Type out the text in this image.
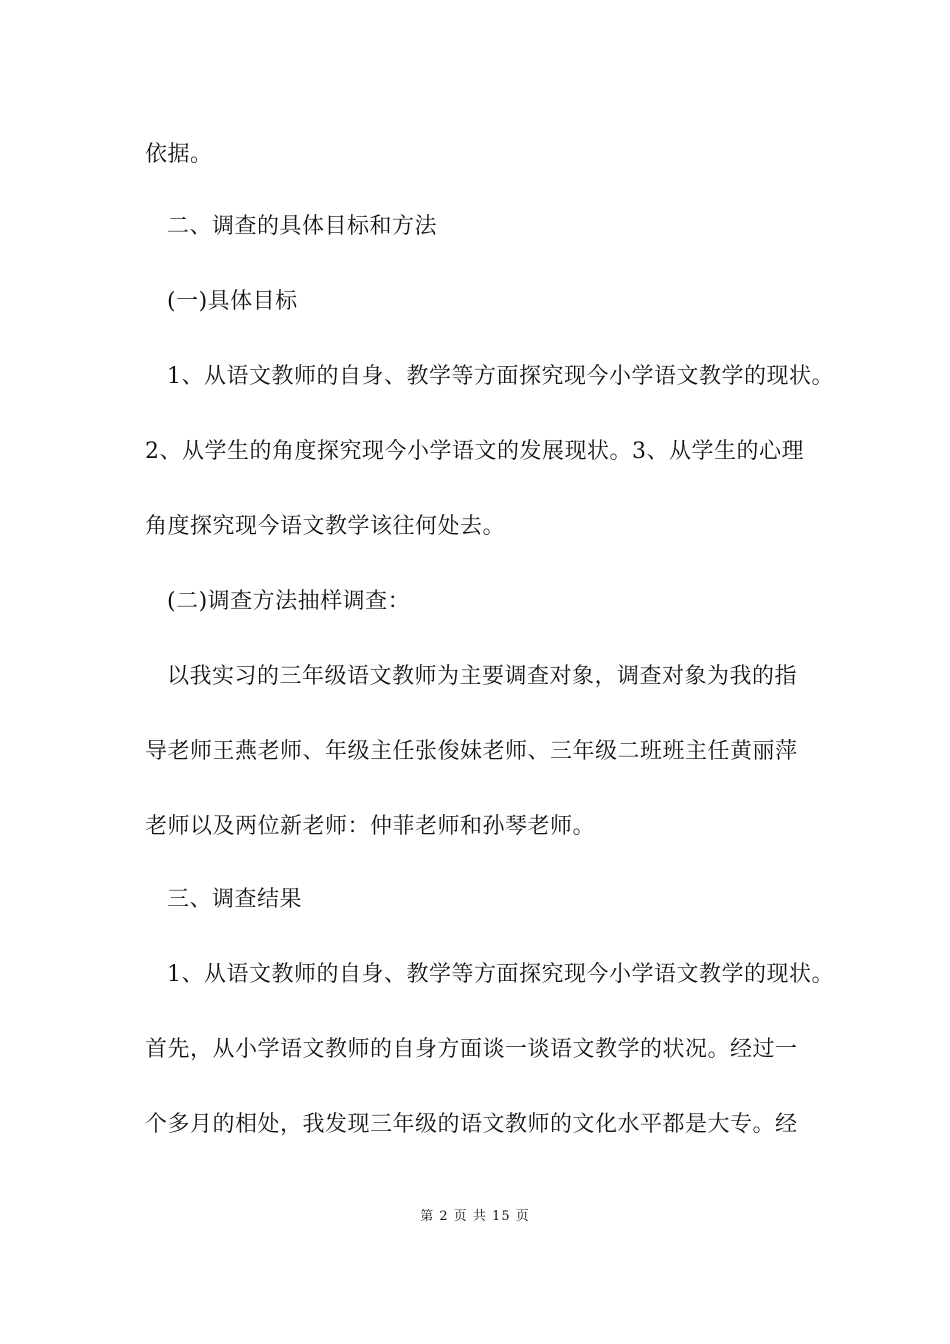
依据。
二、调查的具体目标和方法
(一)具体目标
1、从语文教师的自身、教学等方面探究现今小学语文教学的现状。
2、从学生的角度探究现今小学语文的发展现状。3、从学生的心理
角度探究现今语文教学该往何处去。
(二)调查方法抽样调查：
以我实习的三年级语文教师为主要调查对象，调查对象为我的指
导老师王燕老师、年级主任张俊妹老师、三年级二班班主任黄丽萍
老师以及两位新老师：仲菲老师和孙琴老师。
三、调查结果
1、从语文教师的自身、教学等方面探究现今小学语文教学的现状。
首先，从小学语文教师的自身方面谈一谈语文教学的状况。经过一
个多月的相处，我发现三年级的语文教师的文化水平都是大专。经
第 2 页 共 15 页
